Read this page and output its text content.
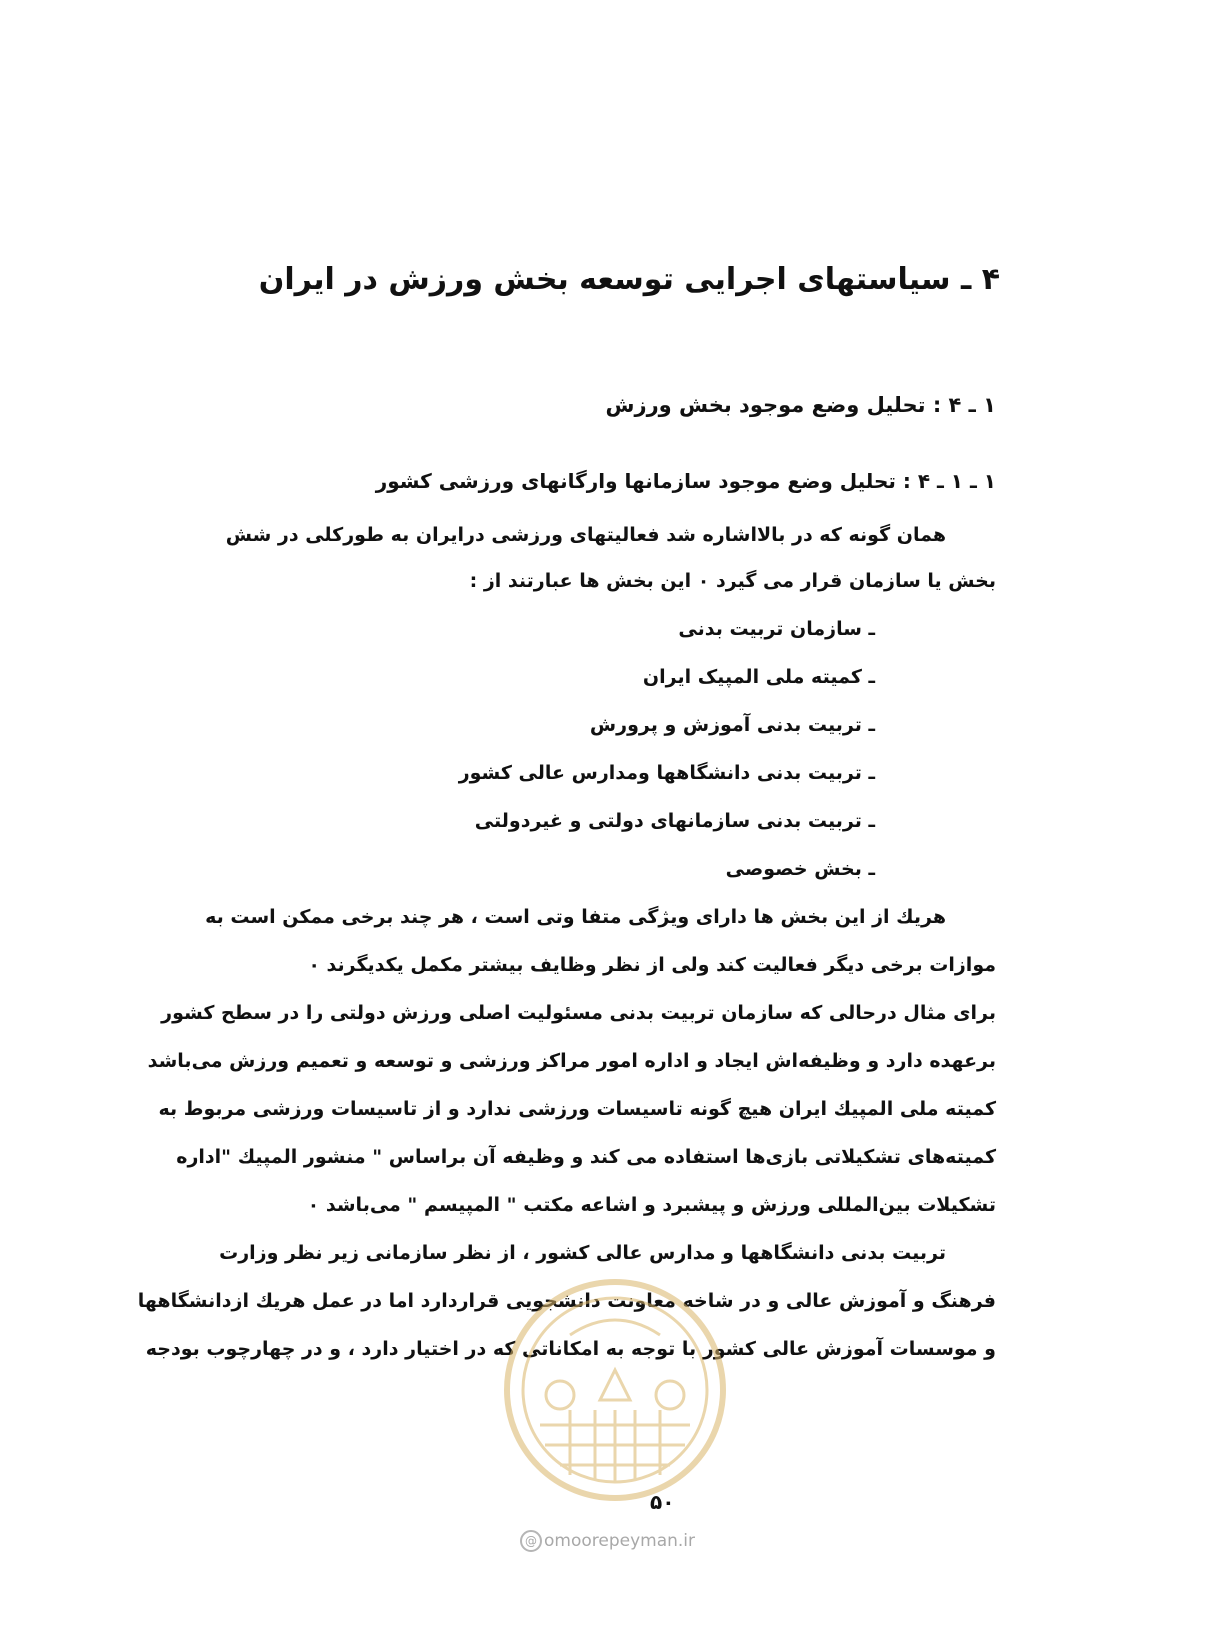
۴ ـ سیاستهای اجرایی توسعه بخش ورزش در ایران
۱ ـ ۴ : تحلیل وضع موجود بخش ورزش
۱ ـ ۱ ـ ۴ : تحلیل وضع موجود سازمانها وارگانهای ورزشی کشور
همان گونه که در بالااشاره شد فعالیتهای ورزشی درایران به طورکلی در شش
بخش یا سازمان قرار می گیرد ۰ این بخش ها عبارتند از :
ـ سازمان تربیت بدنی
ـ کمیته ملی المپیک ایران
ـ تربیت بدنی آموزش و پرورش
ـ تربیت بدنی دانشگاهها ومدارس عالی کشور
ـ تربیت بدنی سازمانهای دولتی و غیردولتی
ـ بخش خصوصی
هریك از این بخش ها دارای ویژگی متفا وتی است ، هر چند برخی ممکن است به
موازات برخی دیگر فعالیت کند ولی از نظر وظایف بیشتر مکمل یکدیگرند ۰
برای مثال درحالی که سازمان تربیت بدنی مسئولیت اصلی ورزش دولتی را در سطح کشور
برعهده دارد و وظیفه‌اش ایجاد و اداره امور مراکز ورزشی و توسعه و تعمیم ورزش می‌باشد
کمیته ملی المپیك ایران هیچ گونه تاسیسات ورزشی ندارد و از تاسیسات ورزشی مربوط به
کمیته‌های تشکیلاتی بازی‌ها استفاده می کند و وظیفه آن براساس " منشور المپیك "اداره
تشکیلات بین‌المللی ورزش و پیشبرد و اشاعه مکتب " المپیسم " می‌باشد ۰
تربیت بدنی دانشگاهها و مدارس عالی کشور ، از نظر سازمانی زیر نظر وزارت
فرهنگ و آموزش عالی و در شاخه معاونت دانشجویی قراردارد اما در عمل هریك ازدانشگاهها
و موسسات آموزش عالی کشور با توجه به امکاناتی که در اختیار دارد ، و در چهارچوب بودجه
۵۰
@ omoorepeyman.ir
